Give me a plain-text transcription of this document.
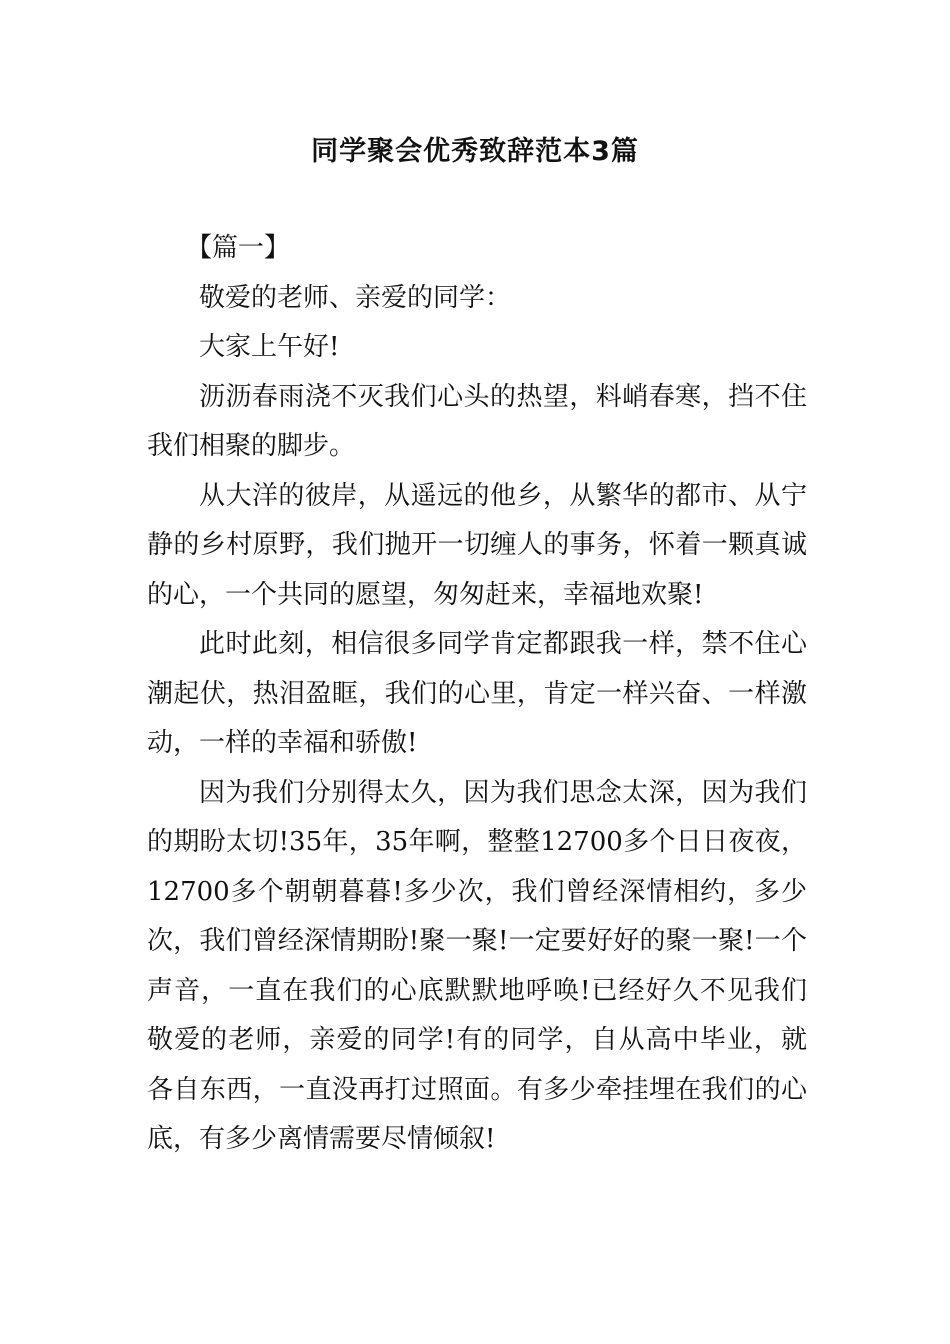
同学聚会优秀致辞范本3篇

【篇一】

敬爱的老师、亲爱的同学：

大家上午好!

沥沥春雨浇不灭我们心头的热望，料峭春寒，挡不住我们相聚的脚步。

从大洋的彼岸，从遥远的他乡，从繁华的都市、从宁静的乡村原野，我们抛开一切缠人的事务，怀着一颗真诚的心，一个共同的愿望，匆匆赶来，幸福地欢聚!

此时此刻，相信很多同学肯定都跟我一样，禁不住心潮起伏，热泪盈眶，我们的心里，肯定一样兴奋、一样激动，一样的幸福和骄傲!

因为我们分别得太久，因为我们思念太深，因为我们的期盼太切!35年，35年啊，整整12700多个日日夜夜，12700多个朝朝暮暮!多少次，我们曾经深情相约，多少次，我们曾经深情期盼!聚一聚!一定要好好的聚一聚!一个声音，一直在我们的心底默默地呼唤!已经好久不见我们敬爱的老师，亲爱的同学!有的同学，自从高中毕业，就各自东西，一直没再打过照面。有多少牵挂埋在我们的心底，有多少离情需要尽情倾叙!
